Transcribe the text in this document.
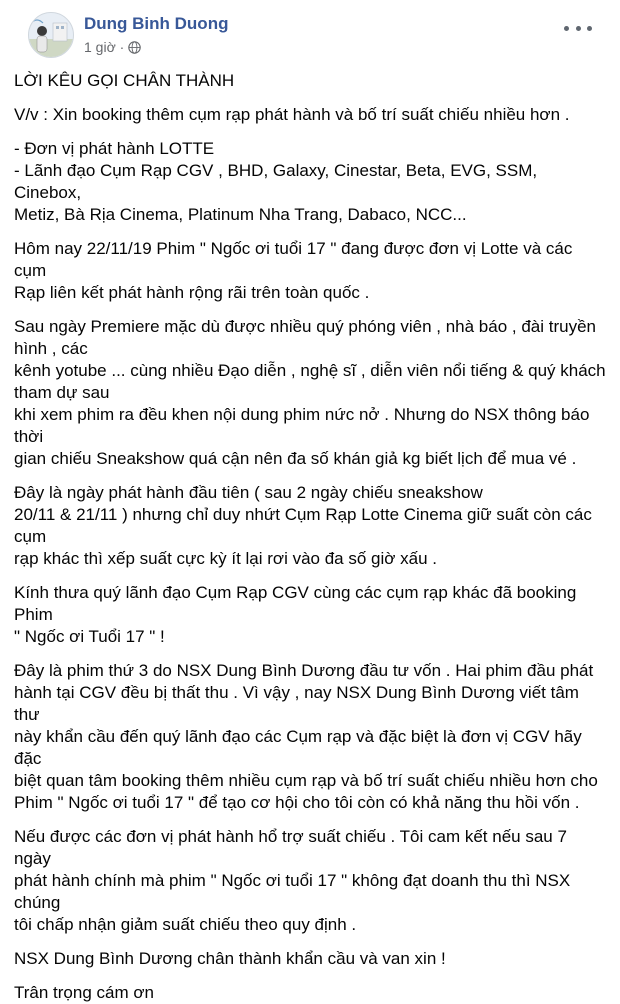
Dung Binh Duong
1 giờ ·

LỜI KÊU GỌI CHÂN THÀNH

V/v : Xin booking thêm cụm rạp phát hành và bố trí suất chiếu nhiều hơn .

- Đơn vị phát hành LOTTE
- Lãnh đạo Cụm Rạp CGV , BHD, Galaxy, Cinestar, Beta, EVG, SSM, Cinebox,
Metiz, Bà Rịa Cinema, Platinum Nha Trang, Dabaco, NCC...

Hôm nay 22/11/19 Phim " Ngốc ơi tuổi 17 " đang được đơn vị Lotte và các cụm
Rạp liên kết phát hành rộng rãi trên toàn quốc .

Sau ngày Premiere mặc dù được nhiều quý phóng viên , nhà báo , đài truyền
hình , các
kênh yotube ... cùng nhiều Đạo diễn , nghệ sĩ , diễn viên nổi tiếng & quý khách
tham dự sau
khi xem phim ra đều khen nội dung phim nức nở . Nhưng do NSX thông báo thời
gian chiếu Sneakshow quá cận nên đa số khán giả kg biết lịch để mua vé .

Đây là ngày phát hành đầu tiên ( sau 2 ngày chiếu sneakshow
20/11 & 21/11 ) nhưng chỉ duy nhứt Cụm Rạp Lotte Cinema giữ suất còn các cụm
rạp khác thì xếp suất cực kỳ ít lại rơi vào đa số giờ xấu .

Kính thưa quý lãnh đạo Cụm Rạp CGV cùng các cụm rạp khác đã booking Phim
" Ngốc ơi Tuổi 17 " !

Đây là phim thứ 3 do NSX Dung Bình Dương đầu tư vốn . Hai phim đầu phát
hành tại CGV đều bị thất thu . Vì vậy , nay NSX Dung Bình Dương viết tâm thư
này khẩn cầu đến quý lãnh đạo các Cụm rạp và đặc biệt là đơn vị CGV hãy đặc
biệt quan tâm booking thêm nhiều cụm rạp và bố trí suất chiếu nhiều hơn cho
Phim " Ngốc ơi tuổi 17 " để tạo cơ hội cho tôi còn có khả năng thu hồi vốn .

Nếu được các đơn vị phát hành hổ trợ suất chiếu . Tôi cam kết nếu sau 7 ngày
phát hành chính mà phim " Ngốc ơi tuổi 17 " không đạt doanh thu thì NSX chúng
tôi chấp nhận giảm suất chiếu theo quy định .

NSX Dung Bình Dương chân thành khẩn cầu và van xin !

Trân trọng cám ơn
